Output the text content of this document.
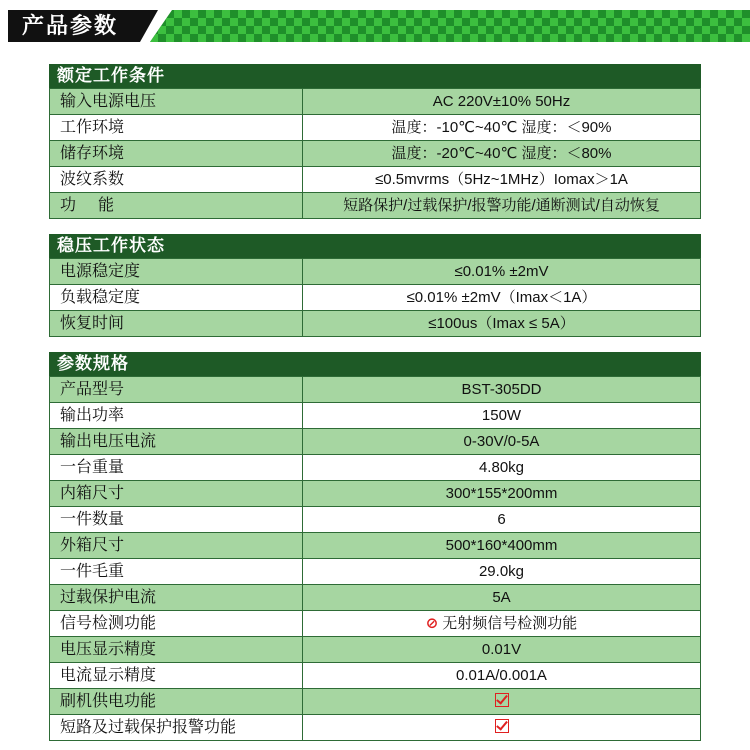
产品参数
额定工作条件
输入电源电压	AC 220V±10% 50Hz
工作环境	温度：-10℃~40℃ 湿度：＜90%
储存环境	温度：-20℃~40℃ 湿度：＜80%
波纹系数	≤0.5mvrms（5Hz~1MHz）Iomax＞1A
功能	短路保护/过载保护/报警功能/通断测试/自动恢复
稳压工作状态
电源稳定度	≤0.01% ±2mV
负载稳定度	≤0.01% ±2mV（Imax＜1A）
恢复时间	≤100us（Imax ≤ 5A）
参数规格
产品型号	BST-305DD
输出功率	150W
输出电压电流	0-30V/0-5A
一台重量	4.80kg
内箱尺寸	300*155*200mm
一件数量	6
外箱尺寸	500*160*400mm
一件毛重	29.0kg
过载保护电流	5A
信号检测功能	⊘ 无射频信号检测功能
电压显示精度	0.01V
电流显示精度	0.01A/0.001A
刷机供电功能
短路及过载保护报警功能
